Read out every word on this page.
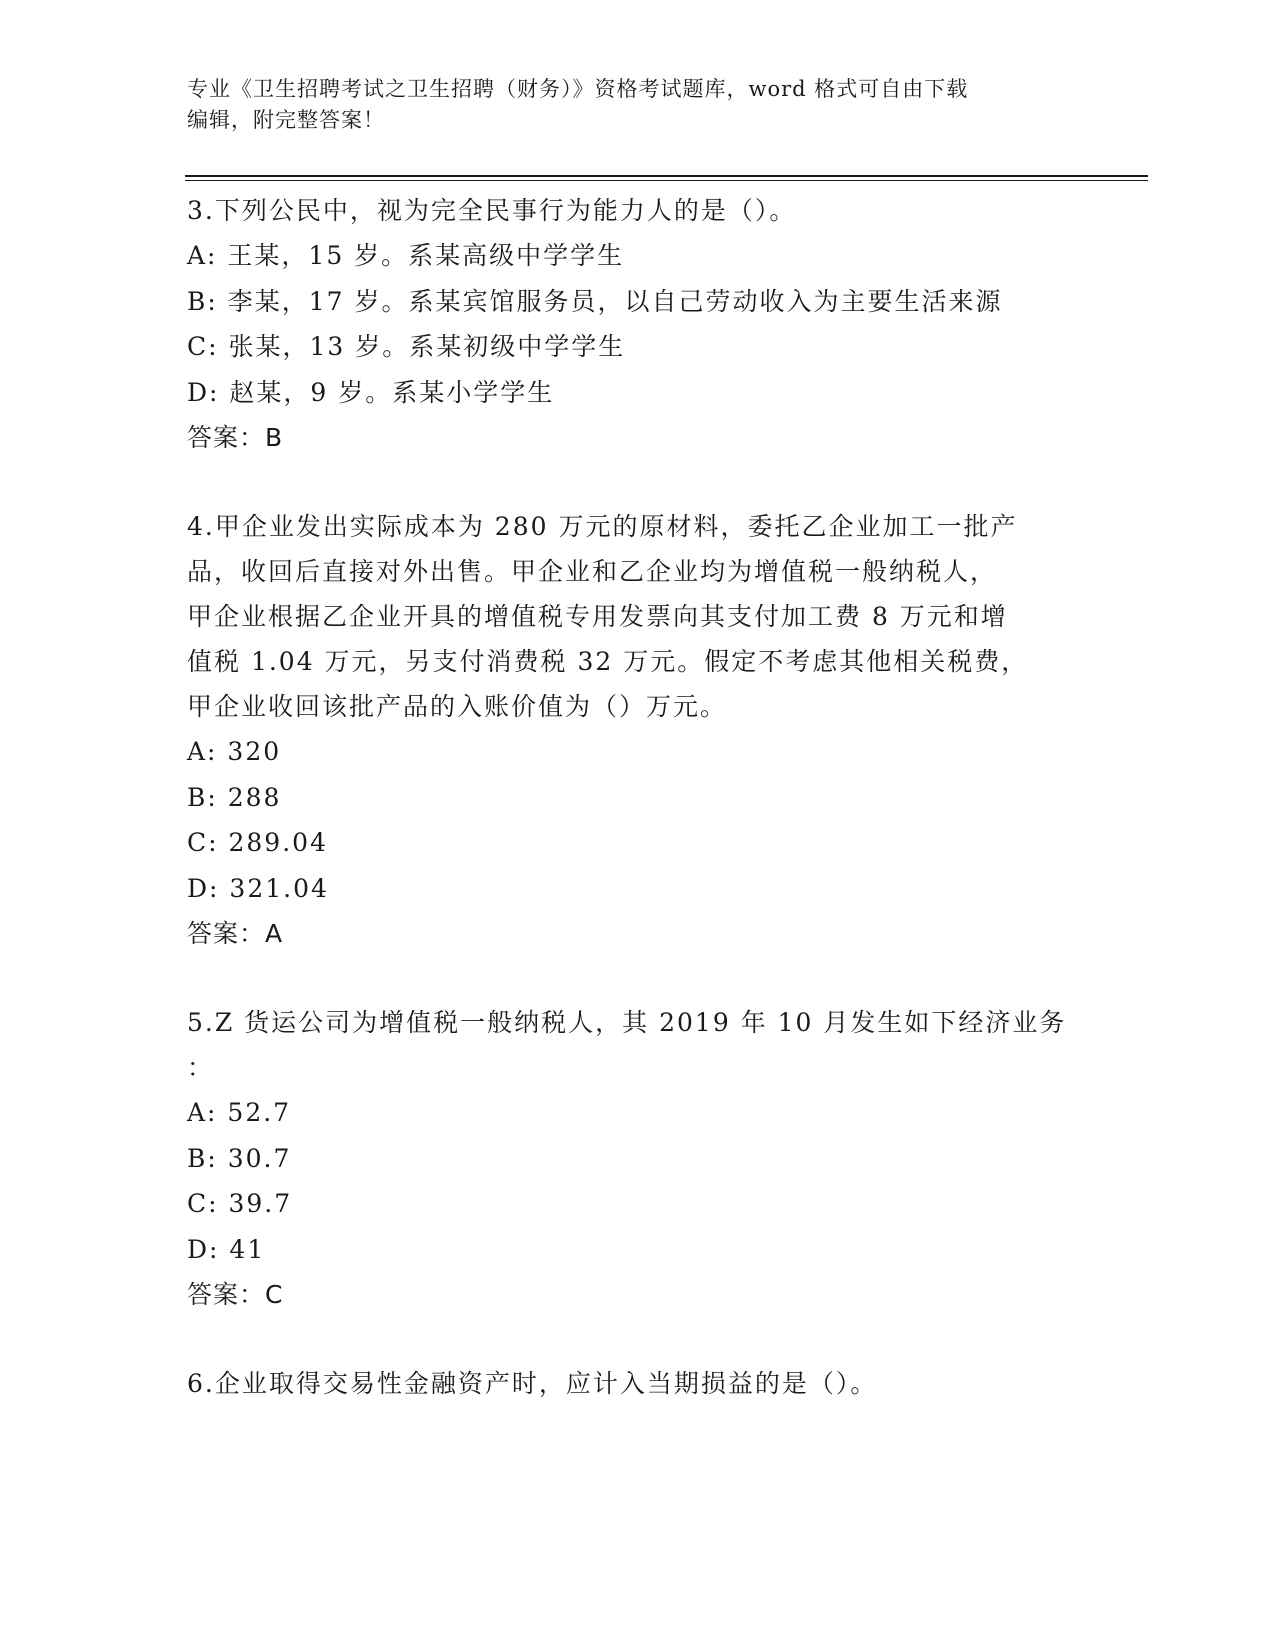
专业《卫生招聘考试之卫生招聘（财务）》资格考试题库，word 格式可自由下载
编辑，附完整答案！
3.下列公民中，视为完全民事行为能力人的是（）。
A: 王某，15 岁。系某高级中学学生
B: 李某，17 岁。系某宾馆服务员，以自己劳动收入为主要生活来源
C: 张某，13 岁。系某初级中学学生
D: 赵某，9 岁。系某小学学生
答案：B
4.甲企业发出实际成本为 280 万元的原材料，委托乙企业加工一批产
品，收回后直接对外出售。甲企业和乙企业均为增值税一般纳税人，
甲企业根据乙企业开具的增值税专用发票向其支付加工费 8 万元和增
值税 1.04 万元，另支付消费税 32 万元。假定不考虑其他相关税费，
甲企业收回该批产品的入账价值为（）万元。
A: 320
B: 288
C: 289.04
D: 321.04
答案：A
5.Z 货运公司为增值税一般纳税人，其 2019 年 10 月发生如下经济业务
：
A: 52.7
B: 30.7
C: 39.7
D: 41
答案：C
6.企业取得交易性金融资产时，应计入当期损益的是（）。
